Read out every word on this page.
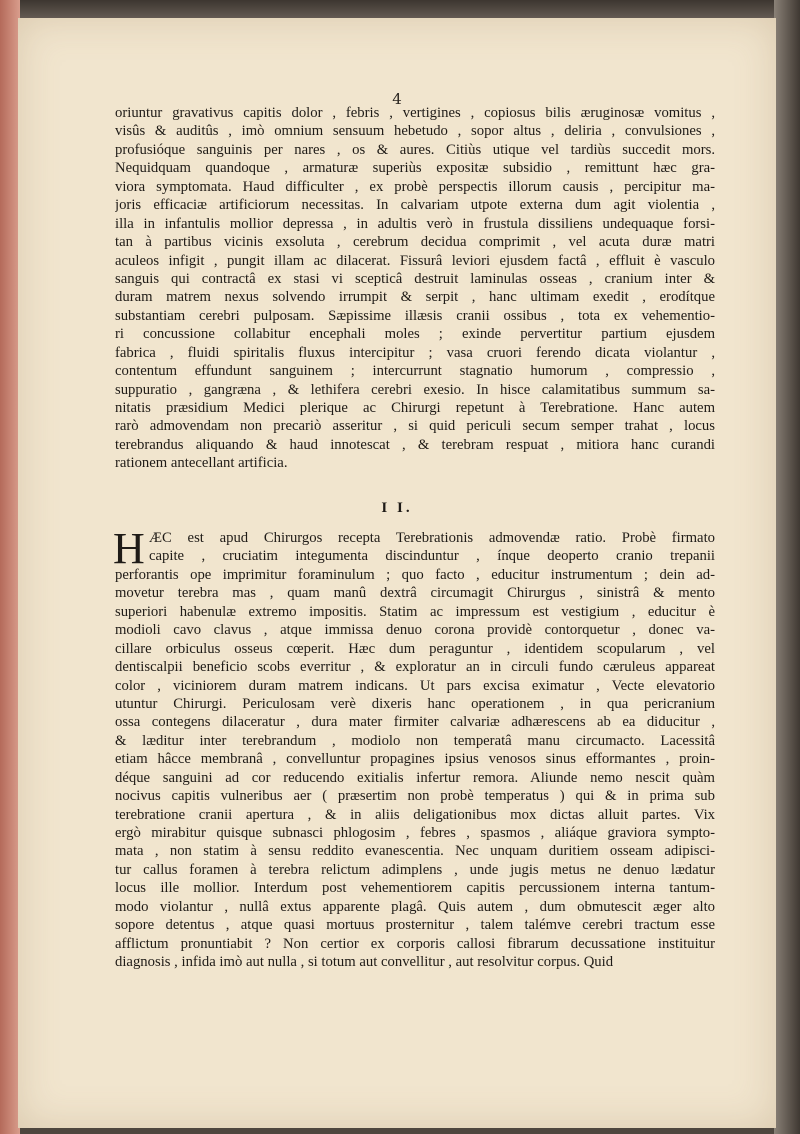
4

oriuntur gravativus capitis dolor , febris , vertigines , copiosus bilis æruginosæ vomitus ,
visûs & auditûs , imò omnium sensuum hebetudo , sopor altus , deliria , convulsiones ,
profusióque sanguinis per nares , os & aures. Citiùs utique vel tardiùs succedit mors.
Nequidquam quandoque , armaturæ superiùs expositæ subsidio , remittunt hæc gra-
viora symptomata. Haud difficulter , ex probè perspectis illorum causis , percipitur ma-
joris efficaciæ artificiorum necessitas. In calvariam utpote externa dum agit violentia ,
illa in infantulis mollior depressa , in adultis verò in frustula dissiliens undequaque forsi-
tan à partibus vicinis exsoluta , cerebrum decidua comprimit , vel acuta duræ matri
aculeos infigit , pungit illam ac dilacerat. Fissurâ leviori ejusdem factâ , effluit è vasculo
sanguis qui contractâ ex stasi vi scepticâ destruit laminulas osseas , cranium inter &
duram matrem nexus solvendo irrumpit & serpit , hanc ultimam exedit , erodítque
substantiam cerebri pulposam. Sæpissime illæsis cranii ossibus , tota ex vehementio-
ri concussione collabitur encephali moles ; exinde pervertitur partium ejusdem
fabrica , fluidi spiritalis fluxus intercipitur ; vasa cruori ferendo dicata violantur ,
contentum effundunt sanguinem ; intercurrunt stagnatio humorum , compressio ,
suppuratio , gangræna , & lethifera cerebri exesio. In hisce calamitatibus summum sa-
nitatis præsidium Medici plerique ac Chirurgi repetunt à Terebratione. Hanc autem
rarò admovendam non precariò asseritur , si quid periculi secum semper trahat , locus
terebrandus aliquando & haud innotescat , & terebram respuat , mitiora hanc curandi
rationem antecellant artificia.

I I.

H ÆC est apud Chirurgos recepta Terebrationis admovendæ ratio. Probè firmato
capite , cruciatim integumenta discinduntur , ínque deoperto cranio trepanii
perforantis ope imprimitur foraminulum ; quo facto , educitur instrumentum ; dein ad-
movetur terebra mas , quam manû dextrâ circumagit Chirurgus , sinistrâ & mento
superiori habenulæ extremo impositis. Statim ac impressum est vestigium , educitur è
modioli cavo clavus , atque immissa denuo corona providè contorquetur , donec va-
cillare orbiculus osseus cœperit. Hæc dum peraguntur , identidem scopularum , vel
dentiscalpii beneficio scobs everritur , & exploratur an in circuli fundo cæruleus appareat
color , viciniorem duram matrem indicans. Ut pars excisa eximatur , Vecte elevatorio
utuntur Chirurgi. Periculosam verè dixeris hanc operationem , in qua pericranium
ossa contegens dilaceratur , dura mater firmiter calvariæ adhærescens ab ea diducitur ,
& læditur inter terebrandum , modiolo non temperatâ manu circumacto. Lacessitâ
etiam hâcce membranâ , convelluntur propagines ipsius venosos sinus efformantes , proin-
déque sanguini ad cor reducendo exitialis infertur remora. Aliunde nemo nescit quàm
nocivus capitis vulneribus aer ( præsertim non probè temperatus ) qui & in prima sub
terebratione cranii apertura , & in aliis deligationibus mox dictas alluit partes. Vix
ergò mirabitur quisque subnasci phlogosim , febres , spasmos , aliáque graviora sympto-
mata , non statim à sensu reddito evanescentia. Nec unquam duritiem osseam adipisci-
tur callus foramen à terebra relictum adimplens , unde jugis metus ne denuo lædatur
locus ille mollior. Interdum post vehementiorem capitis percussionem interna tantum-
modo violantur , nullâ extus apparente plagâ. Quis autem , dum obmutescit æger alto
sopore detentus , atque quasi mortuus prosternitur , talem talémve cerebri tractum esse
afflictum pronuntiabit ? Non certior ex corporis callosi fibrarum decussatione instituitur
diagnosis , infida imò aut nulla , si totum aut convellitur , aut resolvitur corpus. Quid
